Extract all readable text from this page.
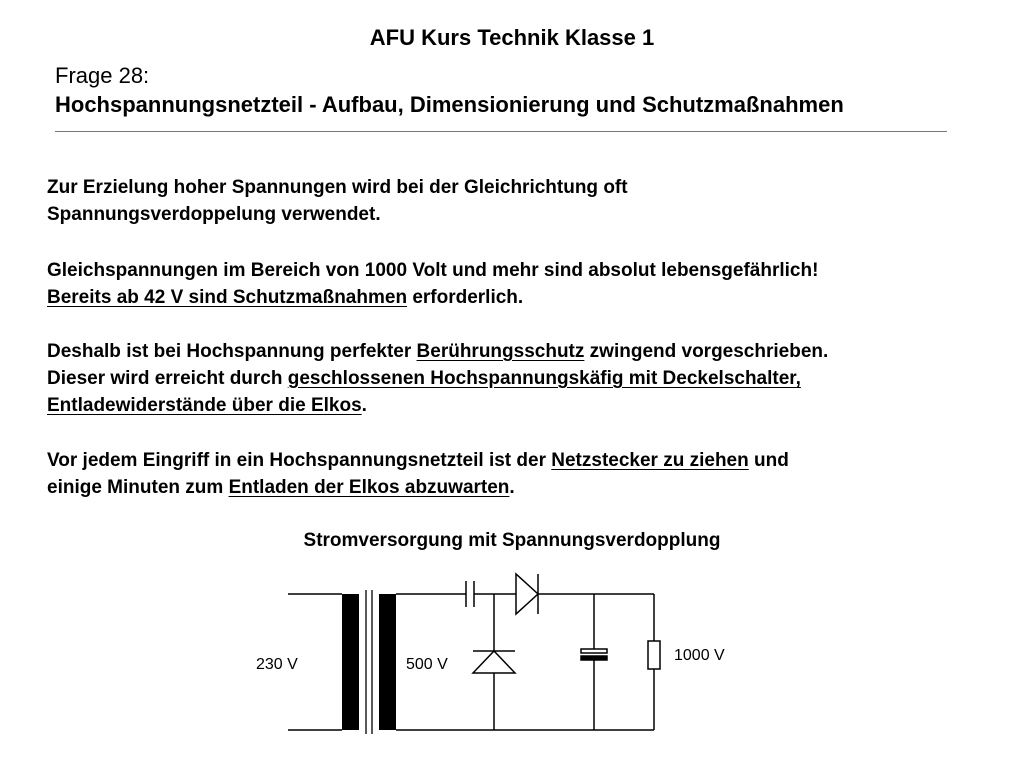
AFU Kurs Technik Klasse 1
Frage 28:
Hochspannungsnetzteil - Aufbau, Dimensionierung und Schutzmaßnahmen
Zur Erzielung hoher Spannungen wird bei der Gleichrichtung oft
Spannungsverdoppelung verwendet.
Gleichspannungen im Bereich von 1000 Volt und mehr sind absolut lebensgefährlich!
Bereits ab 42 V sind Schutzmaßnahmen erforderlich.
Deshalb ist bei Hochspannung perfekter Berührungsschutz zwingend vorgeschrieben.
Dieser wird erreicht durch geschlossenen Hochspannungskäfig mit Deckelschalter,
Entladewiderstände über die Elkos.
Vor jedem Eingriff in ein Hochspannungsnetzteil ist der Netzstecker zu ziehen und
einige Minuten zum Entladen der Elkos abzuwarten.
Stromversorgung mit Spannungsverdopplung
230 V	500 V
1000 V
